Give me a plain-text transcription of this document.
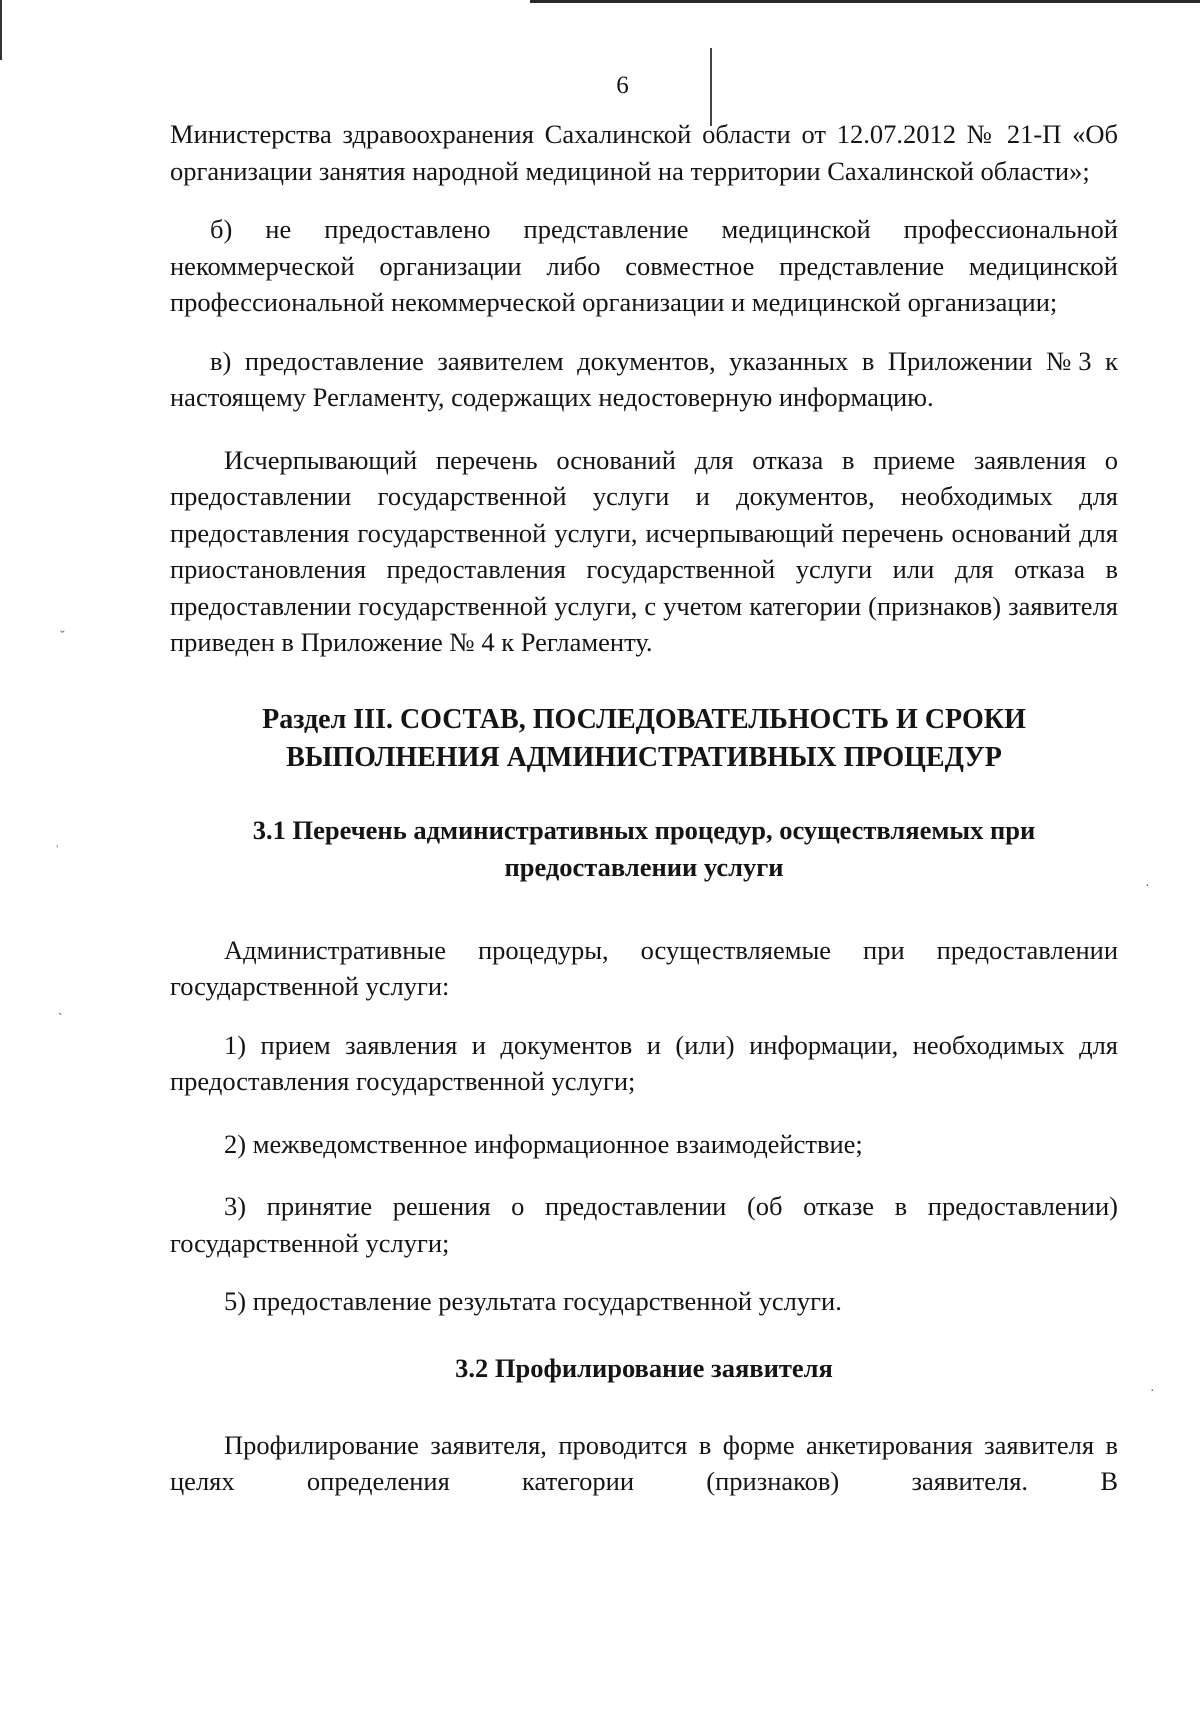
ˇ
ʿ
ˎ
·
·
6

Министерства здравоохранения Сахалинской области от 12.07.2012 № 21-П «Об организации занятия народной медициной на территории Сахалинской области»;

б) не предоставлено представление медицинской профессиональной некоммерческой организации либо совместное представление медицинской профессиональной некоммерческой организации и медицинской организации;

в) предоставление заявителем документов, указанных в Приложении №3 к настоящему Регламенту, содержащих недостоверную информацию.

Исчерпывающий перечень оснований для отказа в приеме заявления о предоставлении государственной услуги и документов, необходимых для предоставления государственной услуги, исчерпывающий перечень оснований для приостановления предоставления государственной услуги или для отказа в предоставлении государственной услуги, с учетом категории (признаков) заявителя приведен в Приложение № 4 к Регламенту.

Раздел III. СОСТАВ, ПОСЛЕДОВАТЕЛЬНОСТЬ И СРОКИ

ВЫПОЛНЕНИЯ АДМИНИСТРАТИВНЫХ ПРОЦЕДУР

3.1 Перечень административных процедур, осуществляемых при

предоставлении услуги

Административные процедуры, осуществляемые при предоставлении государственной услуги:

1) прием заявления и документов и (или) информации, необходимых для предоставления государственной услуги;

2) межведомственное информационное взаимодействие;

3) принятие решения о предоставлении (об отказе в предоставлении) государственной услуги;

5) предоставление результата государственной услуги.

3.2 Профилирование заявителя

Профилирование заявителя, проводится в форме анкетирования заявителя в целях определения категории (признаков) заявителя. В
